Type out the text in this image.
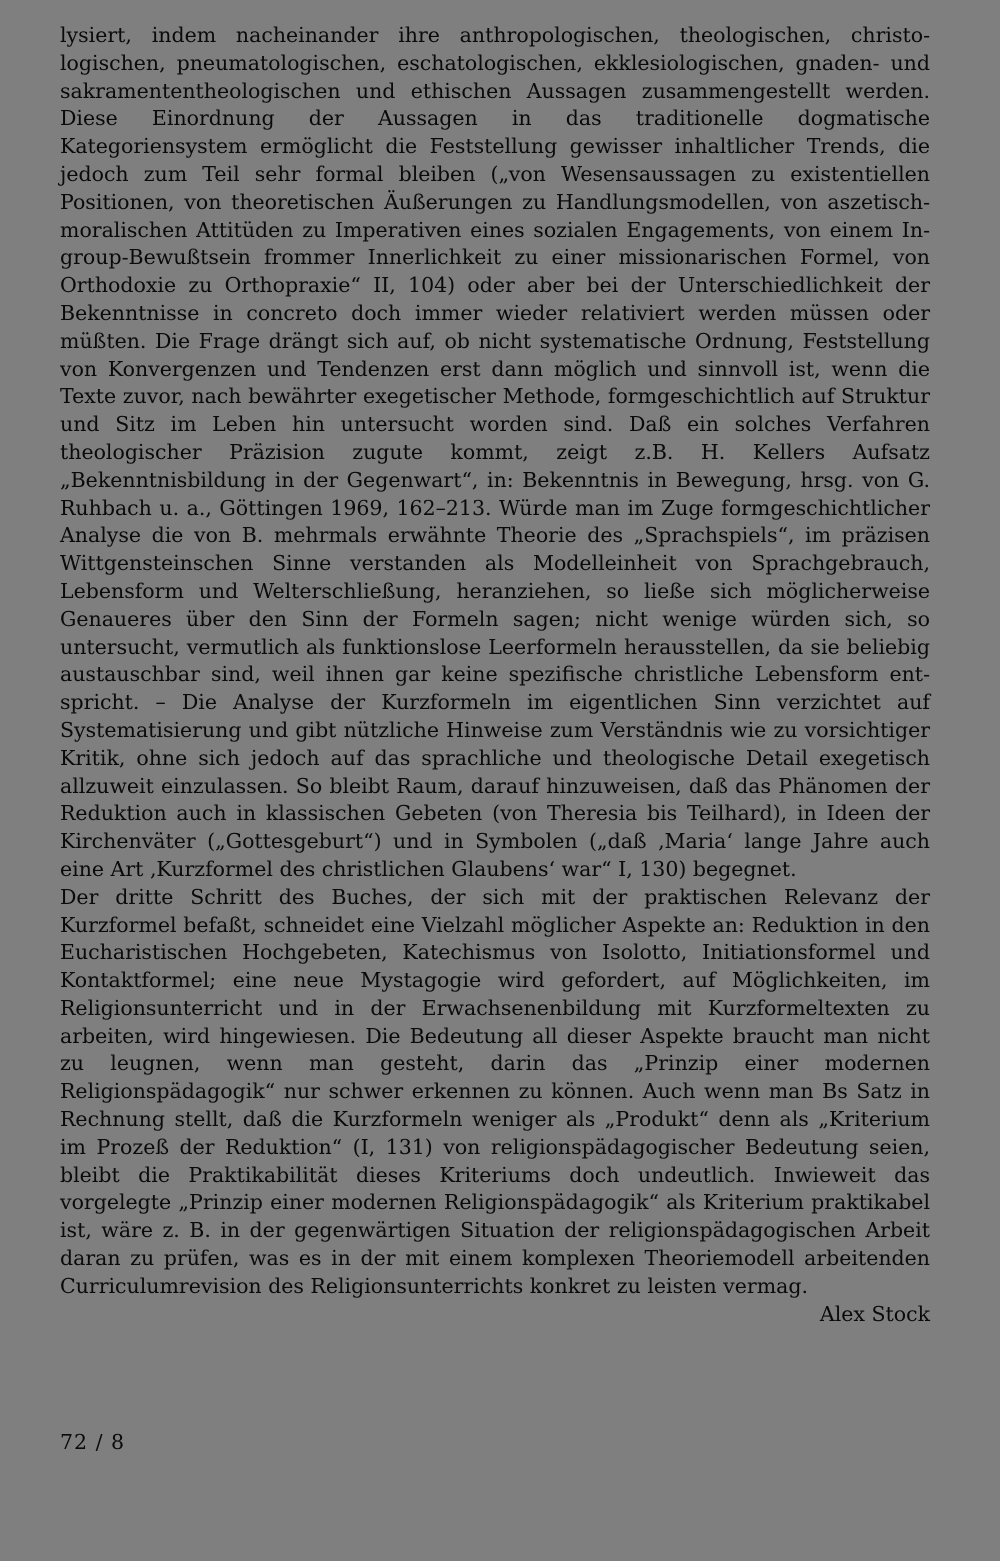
lysiert, indem nacheinander ihre anthropologischen, theologischen, christologischen, pneumatologischen, eschatologischen, ekklesiologischen, gnaden- und sakramententheologischen und ethischen Aussagen zusammengestellt werden. Diese Einordnung der Aussagen in das traditionelle dogmatische Kategoriensystem ermöglicht die Feststellung gewisser inhaltlicher Trends, die jedoch zum Teil sehr formal bleiben („von Wesensaussagen zu existentiellen Positionen, von theoretischen Äußerungen zu Handlungsmodellen, von aszetisch-moralischen Attitüden zu Imperativen eines sozialen Engagements, von einem In-group-Bewußtsein frommer Innerlichkeit zu einer missionarischen Formel, von Orthodoxie zu Orthopraxie“ II, 104) oder aber bei der Unterschiedlichkeit der Bekenntnisse in concreto doch immer wieder relativiert werden müssen oder müßten. Die Frage drängt sich auf, ob nicht systematische Ordnung, Feststellung von Konvergenzen und Tendenzen erst dann möglich und sinnvoll ist, wenn die Texte zuvor, nach bewährter exegetischer Methode, formgeschichtlich auf Struktur und Sitz im Leben hin untersucht worden sind. Daß ein solches Verfahren theologischer Präzision zugute kommt, zeigt z.B. H. Kellers Aufsatz „Bekenntnisbildung in der Gegenwart“, in: Bekenntnis in Bewegung, hrsg. von G. Ruhbach u. a., Göttingen 1969, 162–213. Würde man im Zuge formgeschichtlicher Analyse die von B. mehrmals erwähnte Theorie des „Sprachspiels“, im präzisen Wittgensteinschen Sinne verstanden als Modelleinheit von Sprachgebrauch, Lebensform und Welterschließung, heranziehen, so ließe sich möglicherweise Genaueres über den Sinn der Formeln sagen; nicht wenige würden sich, so untersucht, vermutlich als funktionslose Leerformeln herausstellen, da sie beliebig austauschbar sind, weil ihnen gar keine spezifische christliche Lebensform entspricht. – Die Analyse der Kurzformeln im eigentlichen Sinn verzichtet auf Systematisierung und gibt nützliche Hinweise zum Verständnis wie zu vorsichtiger Kritik, ohne sich jedoch auf das sprachliche und theologische Detail exegetisch allzuweit einzulassen. So bleibt Raum, darauf hinzuweisen, daß das Phänomen der Reduktion auch in klassischen Gebeten (von Theresia bis Teilhard), in Ideen der Kirchenväter („Gottesgeburt“) und in Symbolen („daß ‚Maria‘ lange Jahre auch eine Art ‚Kurzformel des christlichen Glaubens‘ war“ I, 130) begegnet.

Der dritte Schritt des Buches, der sich mit der praktischen Relevanz der Kurzformel befaßt, schneidet eine Vielzahl möglicher Aspekte an: Reduktion in den Eucharistischen Hochgebeten, Katechismus von Isolotto, Initiationsformel und Kontaktformel; eine neue Mystagogie wird gefordert, auf Möglichkeiten, im Religionsunterricht und in der Erwachsenenbildung mit Kurzformeltexten zu arbeiten, wird hingewiesen. Die Bedeutung all dieser Aspekte braucht man nicht zu leugnen, wenn man gesteht, darin das „Prinzip einer modernen Religionspädagogik“ nur schwer erkennen zu können. Auch wenn man Bs Satz in Rechnung stellt, daß die Kurzformeln weniger als „Produkt“ denn als „Kriterium im Prozeß der Reduktion“ (I, 131) von religionspädagogischer Bedeutung seien, bleibt die Praktikabilität dieses Kriteriums doch undeutlich. Inwieweit das vorgelegte „Prinzip einer modernen Religionspädagogik“ als Kriterium praktikabel ist, wäre z. B. in der gegenwärtigen Situation der religionspädagogischen Arbeit daran zu prüfen, was es in der mit einem komplexen Theoriemodell arbeitenden Curriculumrevision des Religionsunterrichts konkret zu leisten vermag.

Alex Stock

72 / 8
